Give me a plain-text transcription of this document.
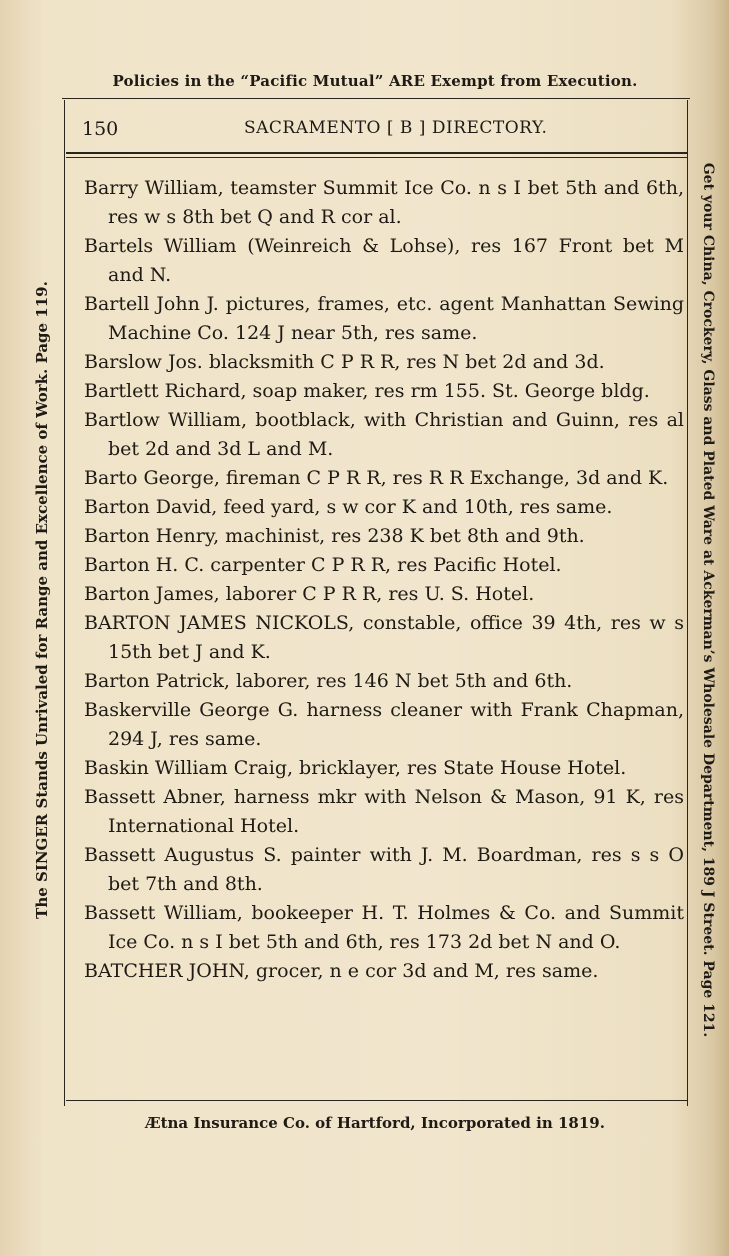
Policies in the “Pacific Mutual” ARE Exempt from Execution.
150	SACRAMENTO [ B ] DIRECTORY.
The SINGER Stands Unrivaled for Range and Excellence of Work. Page 119.	Get your China, Crockery, Glass and Plated Ware at Ackerman’s Wholesale Department, 189 J Street. Page 121.

Barry William, teamster Summit Ice Co. n s I bet 5th and 6th, res w s 8th bet Q and R cor al.

Bartels William (Weinreich & Lohse), res 167 Front bet M and N.

Bartell John J. pictures, frames, etc. agent Manhattan Sewing Machine Co. 124 J near 5th, res same.

Barslow Jos. blacksmith C P R R, res N bet 2d and 3d.

Bartlett Richard, soap maker, res rm 155. St. George bldg.

Bartlow William, bootblack, with Christian and Guinn, res al bet 2d and 3d L and M.

Barto George, fireman C P R R, res R R Exchange, 3d and K.

Barton David, feed yard, s w cor K and 10th, res same.

Barton Henry, machinist, res 238 K bet 8th and 9th.

Barton H. C. carpenter C P R R, res Pacific Hotel.

Barton James, laborer C P R R, res U. S. Hotel.

BARTON JAMES NICKOLS, constable, office 39 4th, res w s 15th bet J and K.

Barton Patrick, laborer, res 146 N bet 5th and 6th.

Baskerville George G. harness cleaner with Frank Chapman, 294 J, res same.

Baskin William Craig, bricklayer, res State House Hotel.

Bassett Abner, harness mkr with Nelson & Mason, 91 K, res International Hotel.

Bassett Augustus S. painter with J. M. Boardman, res s s O bet 7th and 8th.

Bassett William, bookeeper H. T. Holmes & Co. and Summit Ice Co. n s I bet 5th and 6th, res 173 2d bet N and O.

BATCHER JOHN, grocer, n e cor 3d and M, res same.

Ætna Insurance Co. of Hartford, Incorporated in 1819.
